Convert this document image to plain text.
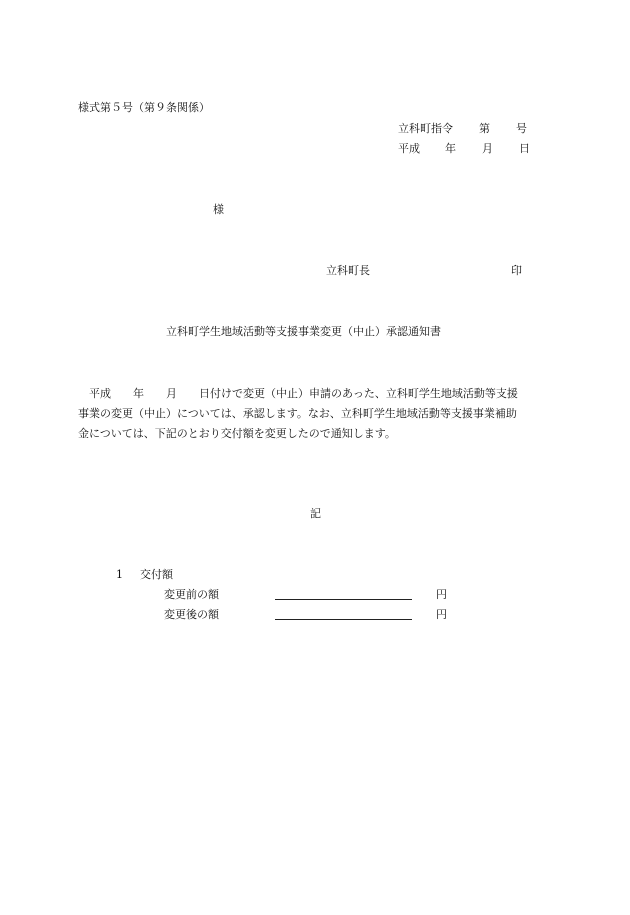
様式第５号（第９条関係）
立科町指令 第 号
平成 年 月 日
様
立科町長	印
立科町学生地域活動等支援事業変更（中止）承認通知書
平成　　年　　月　　日付けで変更（中止）申請のあった、立科町学生地域活動等支援
事業の変更（中止）については、承認します。なお、立科町学生地域活動等支援事業補助
金については、下記のとおり交付額を変更したので通知します。
記
1 交付額
変更前の額	円
変更後の額	円
